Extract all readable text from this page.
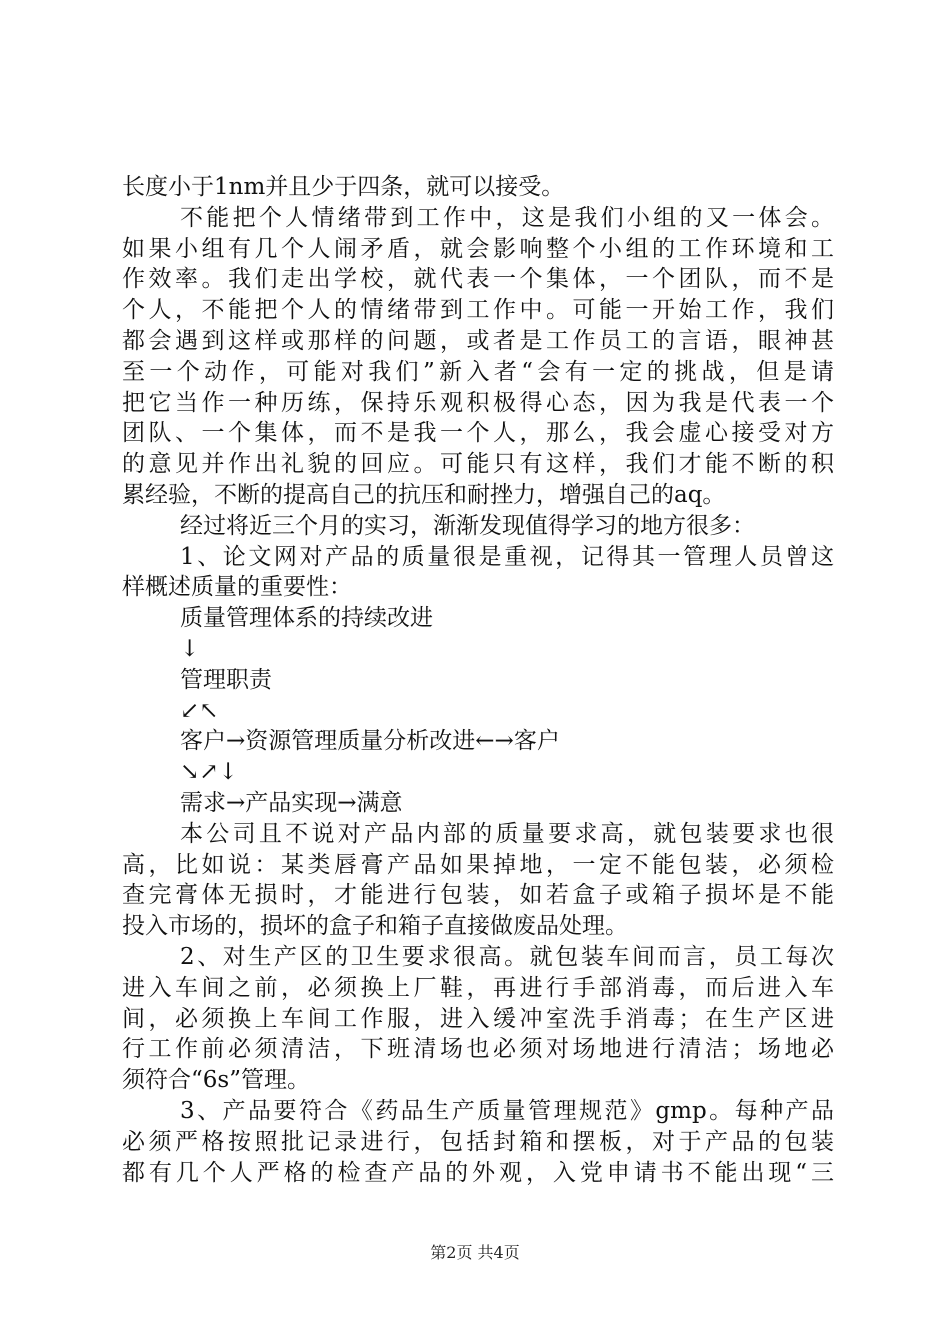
长度小于1nm并且少于四条，就可以接受。
不能把个人情绪带到工作中，这是我们小组的又一体会。
如果小组有几个人闹矛盾，就会影响整个小组的工作环境和工
作效率。我们走出学校，就代表一个集体，一个团队，而不是
个人，不能把个人的情绪带到工作中。可能一开始工作，我们
都会遇到这样或那样的问题，或者是工作员工的言语，眼神甚
至一个动作，可能对我们”新入者“会有一定的挑战，但是请
把它当作一种历练，保持乐观积极得心态，因为我是代表一个
团队、一个集体，而不是我一个人，那么，我会虚心接受对方
的意见并作出礼貌的回应。可能只有这样，我们才能不断的积
累经验，不断的提高自己的抗压和耐挫力，增强自己的aq。
经过将近三个月的实习，渐渐发现值得学习的地方很多：
1、论文网对产品的质量很是重视，记得其一管理人员曾这
样概述质量的重要性：
质量管理体系的持续改进
↓
管理职责
↙↖
客户→资源管理质量分析改进←→客户
↘↗↓
需求→产品实现→满意
本公司且不说对产品内部的质量要求高，就包装要求也很
高，比如说：某类唇膏产品如果掉地，一定不能包装，必须检
查完膏体无损时，才能进行包装，如若盒子或箱子损坏是不能
投入市场的，损坏的盒子和箱子直接做废品处理。
2、对生产区的卫生要求很高。就包装车间而言，员工每次
进入车间之前，必须换上厂鞋，再进行手部消毒，而后进入车
间，必须换上车间工作服，进入缓冲室洗手消毒；在生产区进
行工作前必须清洁，下班清场也必须对场地进行清洁；场地必
须符合“6s”管理。
3、产品要符合《药品生产质量管理规范》gmp。每种产品
必须严格按照批记录进行，包括封箱和摆板，对于产品的包装
都有几个人严格的检查产品的外观，入党申请书不能出现“三
第2页 共4页
